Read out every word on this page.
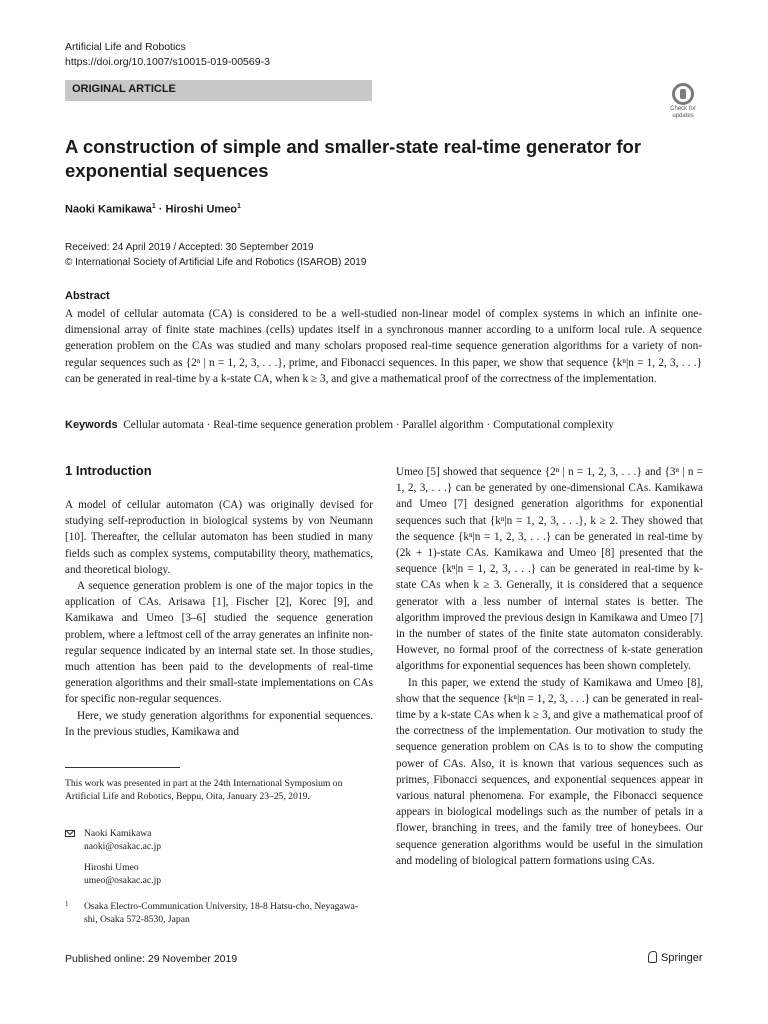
Artificial Life and Robotics
https://doi.org/10.1007/s10015-019-00569-3
ORIGINAL ARTICLE
Check for updates
A construction of simple and smaller-state real-time generator for exponential sequences
Naoki Kamikawa$^1$ · Hiroshi Umeo$^1$
Received: 24 April 2019 / Accepted: 30 September 2019
© International Society of Artificial Life and Robotics (ISAROB) 2019
Abstract
A model of cellular automata (CA) is considered to be a well-studied non-linear model of complex systems in which an infinite one-dimensional array of finite state machines (cells) updates itself in a synchronous manner according to a uniform local rule. A sequence generation problem on the CAs was studied and many scholars proposed real-time sequence generation algorithms for a variety of non-regular sequences such as {2ⁿ | n = 1, 2, 3, . . .}, prime, and Fibonacci sequences. In this paper, we show that sequence {kⁿ|n = 1, 2, 3, . . .} can be generated in real-time by a k-state CA, when k ≥ 3, and give a mathematical proof of the correctness of the implementation.
Keywords Cellular automata · Real-time sequence generation problem · Parallel algorithm · Computational complexity
1 Introduction

A model of cellular automaton (CA) was originally devised for studying self-reproduction in biological systems by von Neumann [10]. Thereafter, the cellular automaton has been studied in many fields such as complex systems, computability theory, mathematics, and theoretical biology.

A sequence generation problem is one of the major topics in the application of CAs. Arisawa [1], Fischer [2], Korec [9], and Kamikawa and Umeo [3–6] studied the sequence generation problem, where a leftmost cell of the array generates an infinite non-regular sequence indicated by an internal state set. In those studies, much attention has been paid to the developments of real-time generation algorithms and their small-state implementations on CAs for specific non-regular sequences.

Here, we study generation algorithms for exponential sequences. In the previous studies, Kamikawa and

Umeo [5] showed that sequence {2ⁿ | n = 1, 2, 3, . . .} and {3ⁿ | n = 1, 2, 3, . . .} can be generated by one-dimensional CAs. Kamikawa and Umeo [7] designed generation algorithms for exponential sequences such that {kⁿ|n = 1, 2, 3, . . .}, k ≥ 2. They showed that the sequence {kⁿ|n = 1, 2, 3, . . .} can be generated in real-time by (2k + 1)-state CAs. Kamikawa and Umeo [8] presented that the sequence {kⁿ|n = 1, 2, 3, . . .} can be generated in real-time by k-state CAs when k ≥ 3. Generally, it is considered that a sequence generator with a less number of internal states is better. The algorithm improved the previous design in Kamikawa and Umeo [7] in the number of states of the finite state automaton considerably. However, no formal proof of the correctness of k-state generation algorithms for exponential sequences has been shown completely.

In this paper, we extend the study of Kamikawa and Umeo [8], show that the sequence {kⁿ|n = 1, 2, 3, . . .} can be generated in real-time by a k-state CAs when k ≥ 3, and give a mathematical proof of the correctness of the implementation. Our motivation to study the sequence generation problem on CAs is to to show the computing power of CAs. Also, it is known that various sequences such as primes, Fibonacci sequences, and exponential sequences appear in various natural phenomena. For example, the Fibonacci sequence appears in biological modelings such as the number of petals in a flower, branching in trees, and the family tree of honeybees. Our sequence generation algorithms would be useful in the simulation and modeling of biological pattern formations using CAs.

This work was presented in part at the 24th International Symposium on Artificial Life and Robotics, Beppu, Oita, January 23–25, 2019.
Naoki Kamikawa
naoki@osakac.ac.jp
Hiroshi Umeo
umeo@osakac.ac.jp
1 Osaka Electro-Communication University, 18-8 Hatsu-cho, Neyagawa-shi, Osaka 572-8530, Japan
Published online: 29 November 2019	Springer
